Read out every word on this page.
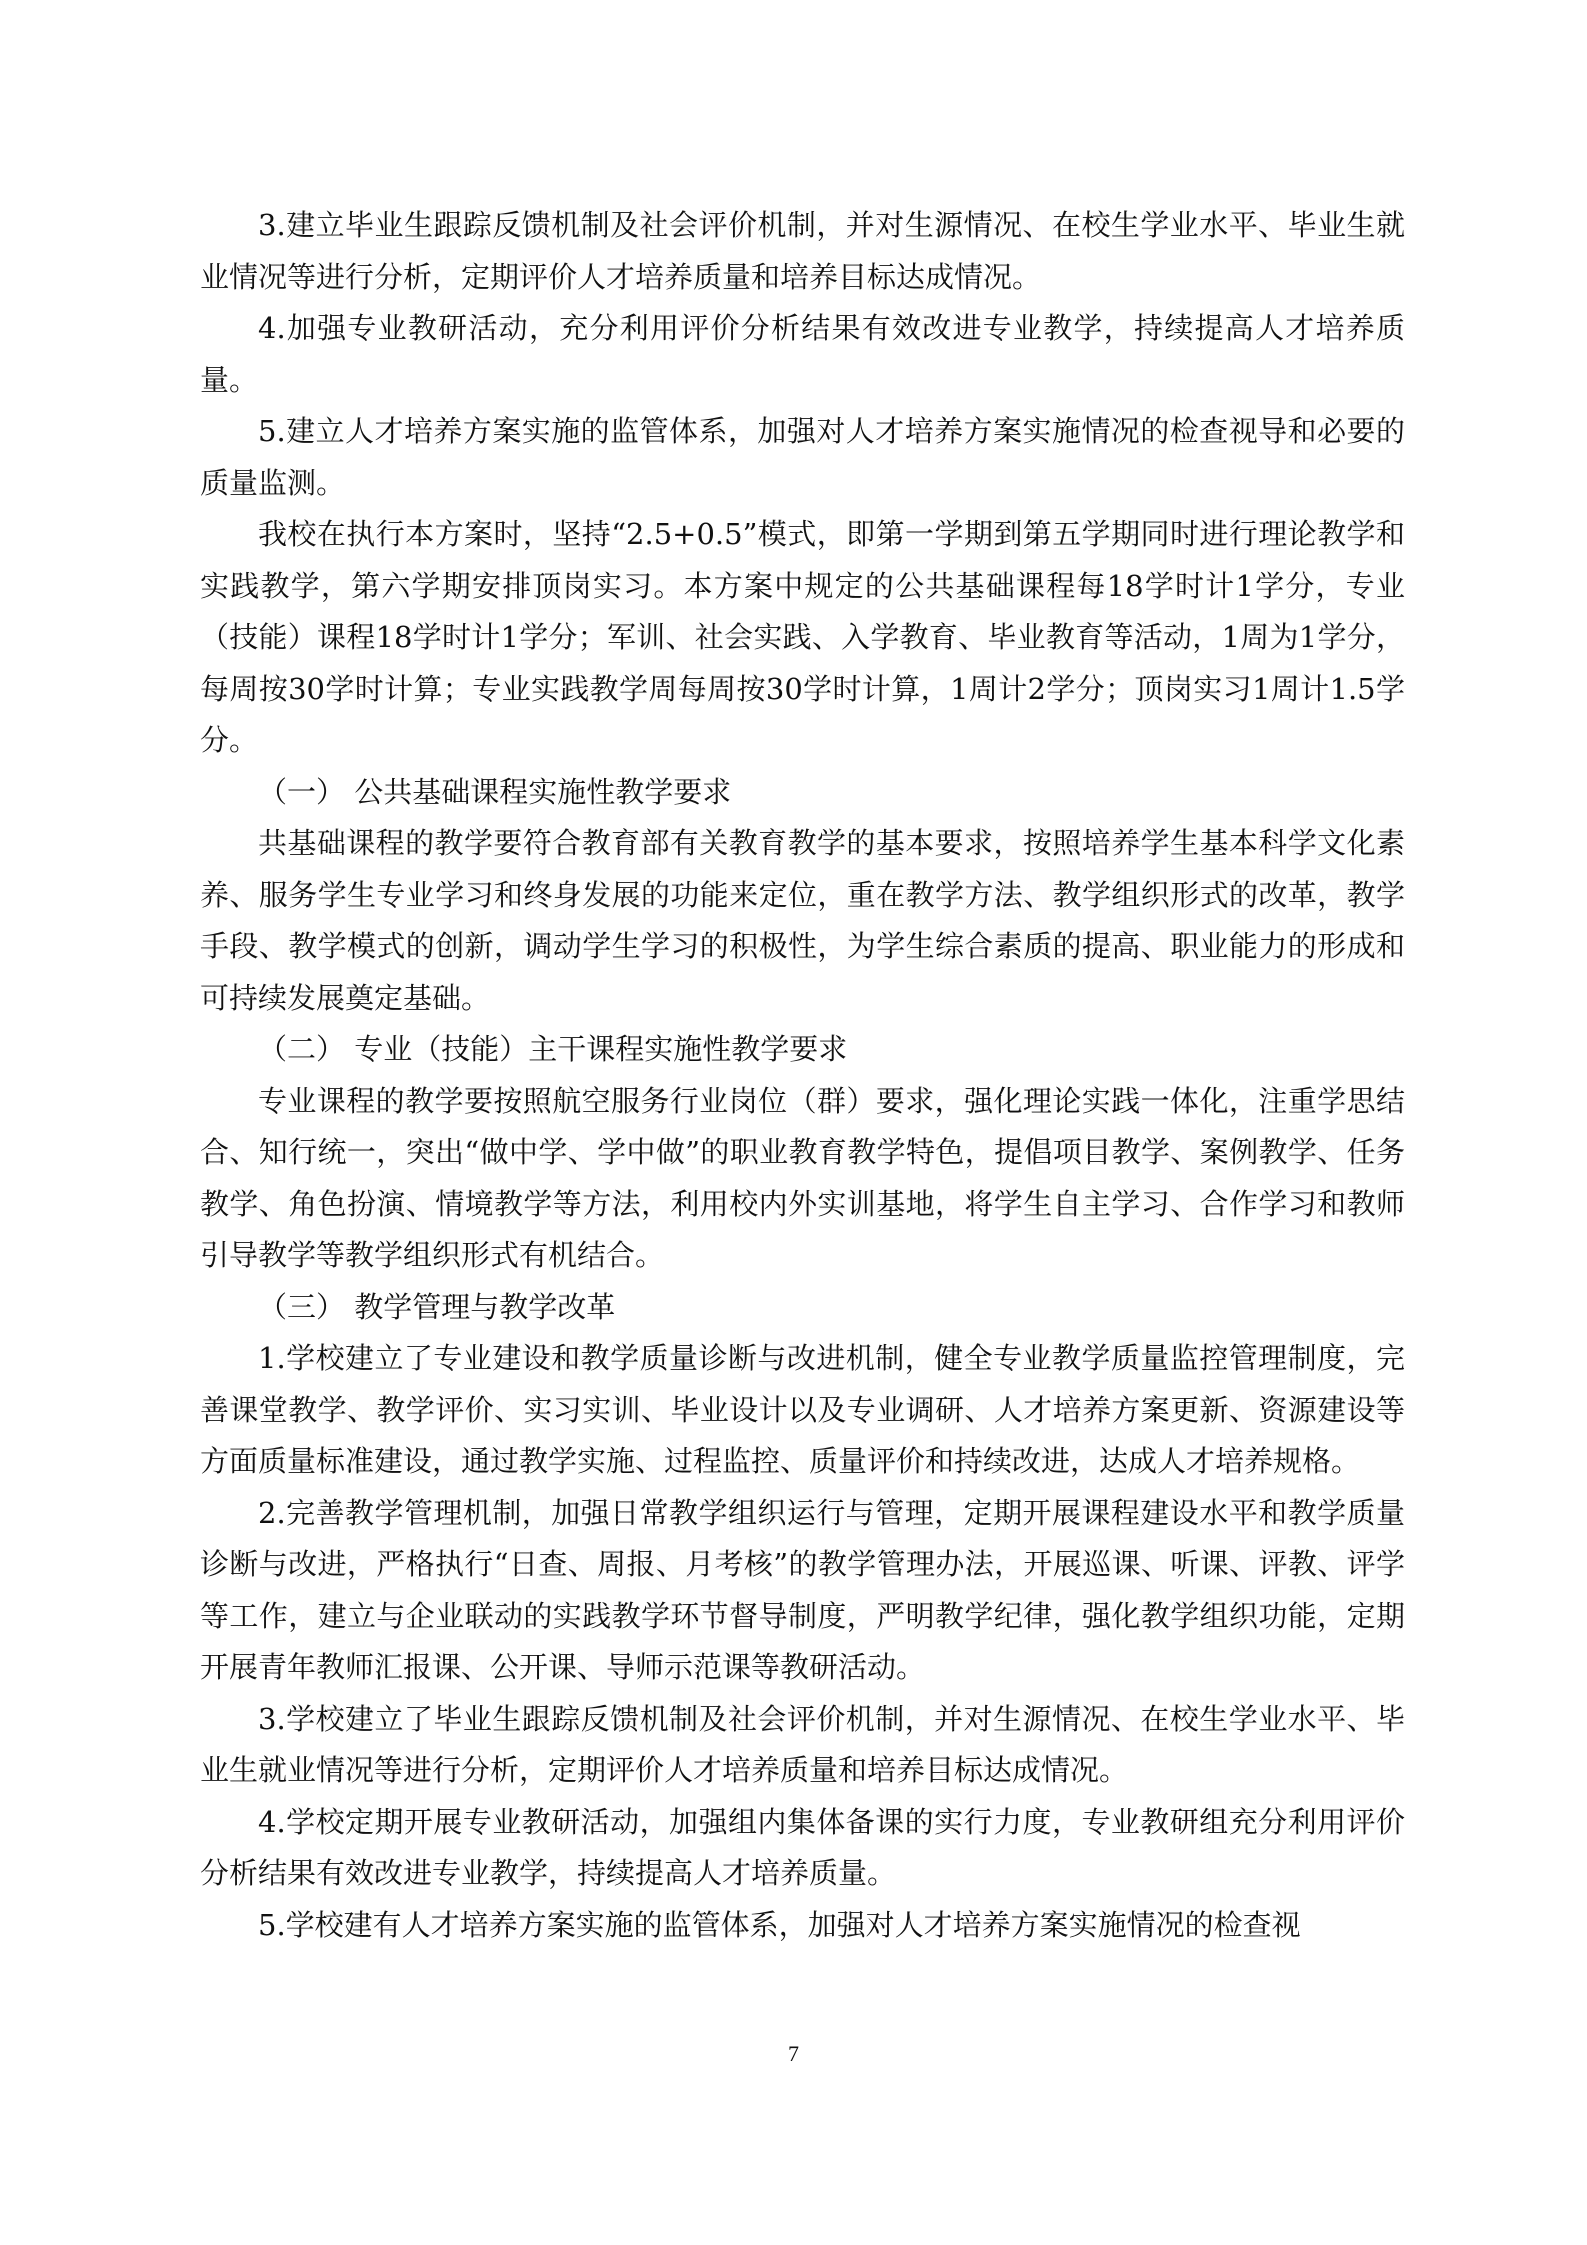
3.建立毕业生跟踪反馈机制及社会评价机制，并对生源情况、在校生学业水平、毕业生就业情况等进行分析，定期评价人才培养质量和培养目标达成情况。

4.加强专业教研活动，充分利用评价分析结果有效改进专业教学，持续提高人才培养质量。

5.建立人才培养方案实施的监管体系，加强对人才培养方案实施情况的检查视导和必要的质量监测。

我校在执行本方案时，坚持“2.5+0.5”模式，即第一学期到第五学期同时进行理论教学和实践教学，第六学期安排顶岗实习。本方案中规定的公共基础课程每18学时计1学分，专业（技能）课程18学时计1学分；军训、社会实践、入学教育、毕业教育等活动，1周为1学分，每周按30学时计算；专业实践教学周每周按30学时计算，1周计2学分；顶岗实习1周计1.5学分。

（一） 公共基础课程实施性教学要求

共基础课程的教学要符合教育部有关教育教学的基本要求，按照培养学生基本科学文化素养、服务学生专业学习和终身发展的功能来定位，重在教学方法、教学组织形式的改革，教学手段、教学模式的创新，调动学生学习的积极性，为学生综合素质的提高、职业能力的形成和可持续发展奠定基础。

（二） 专业（技能）主干课程实施性教学要求

专业课程的教学要按照航空服务行业岗位（群）要求，强化理论实践一体化，注重学思结合、知行统一，突出“做中学、学中做”的职业教育教学特色，提倡项目教学、案例教学、任务教学、角色扮演、情境教学等方法，利用校内外实训基地，将学生自主学习、合作学习和教师引导教学等教学组织形式有机结合。

（三） 教学管理与教学改革

1.学校建立了专业建设和教学质量诊断与改进机制，健全专业教学质量监控管理制度，完善课堂教学、教学评价、实习实训、毕业设计以及专业调研、人才培养方案更新、资源建设等方面质量标准建设，通过教学实施、过程监控、质量评价和持续改进，达成人才培养规格。

2.完善教学管理机制，加强日常教学组织运行与管理，定期开展课程建设水平和教学质量诊断与改进，严格执行“日查、周报、月考核”的教学管理办法，开展巡课、听课、评教、评学等工作，建立与企业联动的实践教学环节督导制度，严明教学纪律，强化教学组织功能，定期开展青年教师汇报课、公开课、导师示范课等教研活动。

3.学校建立了毕业生跟踪反馈机制及社会评价机制，并对生源情况、在校生学业水平、毕业生就业情况等进行分析，定期评价人才培养质量和培养目标达成情况。

4.学校定期开展专业教研活动，加强组内集体备课的实行力度，专业教研组充分利用评价分析结果有效改进专业教学，持续提高人才培养质量。

5.学校建有人才培养方案实施的监管体系，加强对人才培养方案实施情况的检查视

7
